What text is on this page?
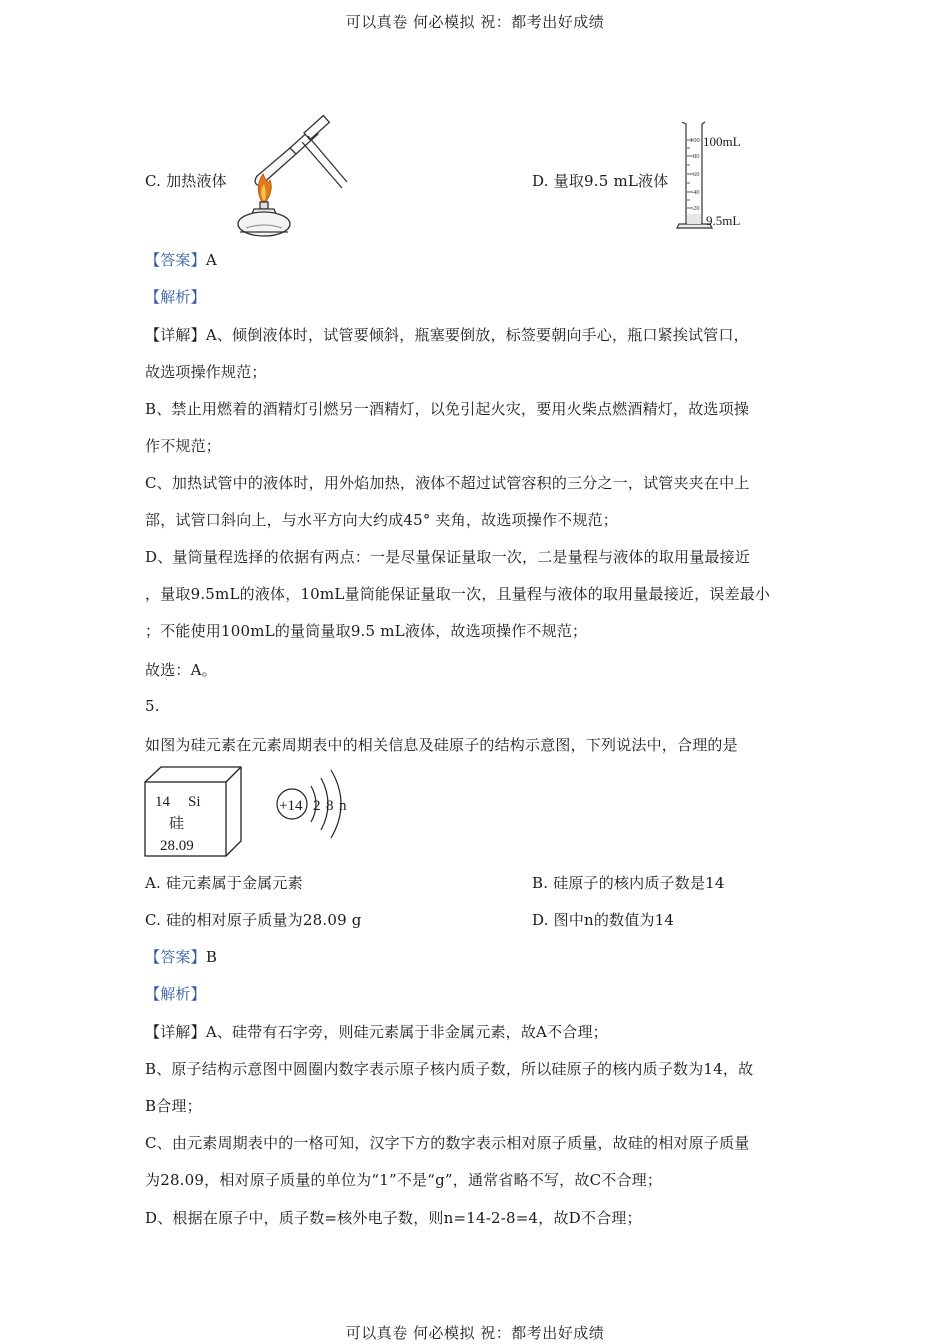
可以真卷 何必模拟 祝：都考出好成绩
C. 加热液体	D. 量取9.5 mL液体
100
80
60
40
20
100mL
9.5mL
【答案】A
【解析】
【详解】A、倾倒液体时，试管要倾斜，瓶塞要倒放，标签要朝向手心，瓶口紧挨试管口，
故选项操作规范；
B、禁止用燃着的酒精灯引燃另一酒精灯，以免引起火灾，要用火柴点燃酒精灯，故选项操
作不规范；
C、加热试管中的液体时，用外焰加热，液体不超过试管容积的三分之一，试管夹夹在中上
部，试管口斜向上，与水平方向大约成45° 夹角，故选项操作不规范；
D、量筒量程选择的依据有两点：一是尽量保证量取一次，二是量程与液体的取用量最接近
，量取9.5mL的液体，10mL量筒能保证量取一次，且量程与液体的取用量最接近，误差最小
；不能使用100mL的量筒量取9.5 mL液体，故选项操作不规范；
故选：A。
5.
如图为硅元素在元素周期表中的相关信息及硅原子的结构示意图，下列说法中，合理的是
14 Si
硅
28.09
+14 2 8 n
A. 硅元素属于金属元素	B. 硅原子的核内质子数是14
C. 硅的相对原子质量为28.09 g	D. 图中n的数值为14
【答案】B
【解析】
【详解】A、硅带有石字旁，则硅元素属于非金属元素，故A不合理；
B、原子结构示意图中圆圈内数字表示原子核内质子数，所以硅原子的核内质子数为14，故
B合理；
C、由元素周期表中的一格可知，汉字下方的数字表示相对原子质量，故硅的相对原子质量
为28.09，相对原子质量的单位为“1”不是“g”，通常省略不写，故C不合理；
D、根据在原子中，质子数=核外电子数，则n=14-2-8=4，故D不合理；
可以真卷 何必模拟 祝：都考出好成绩
